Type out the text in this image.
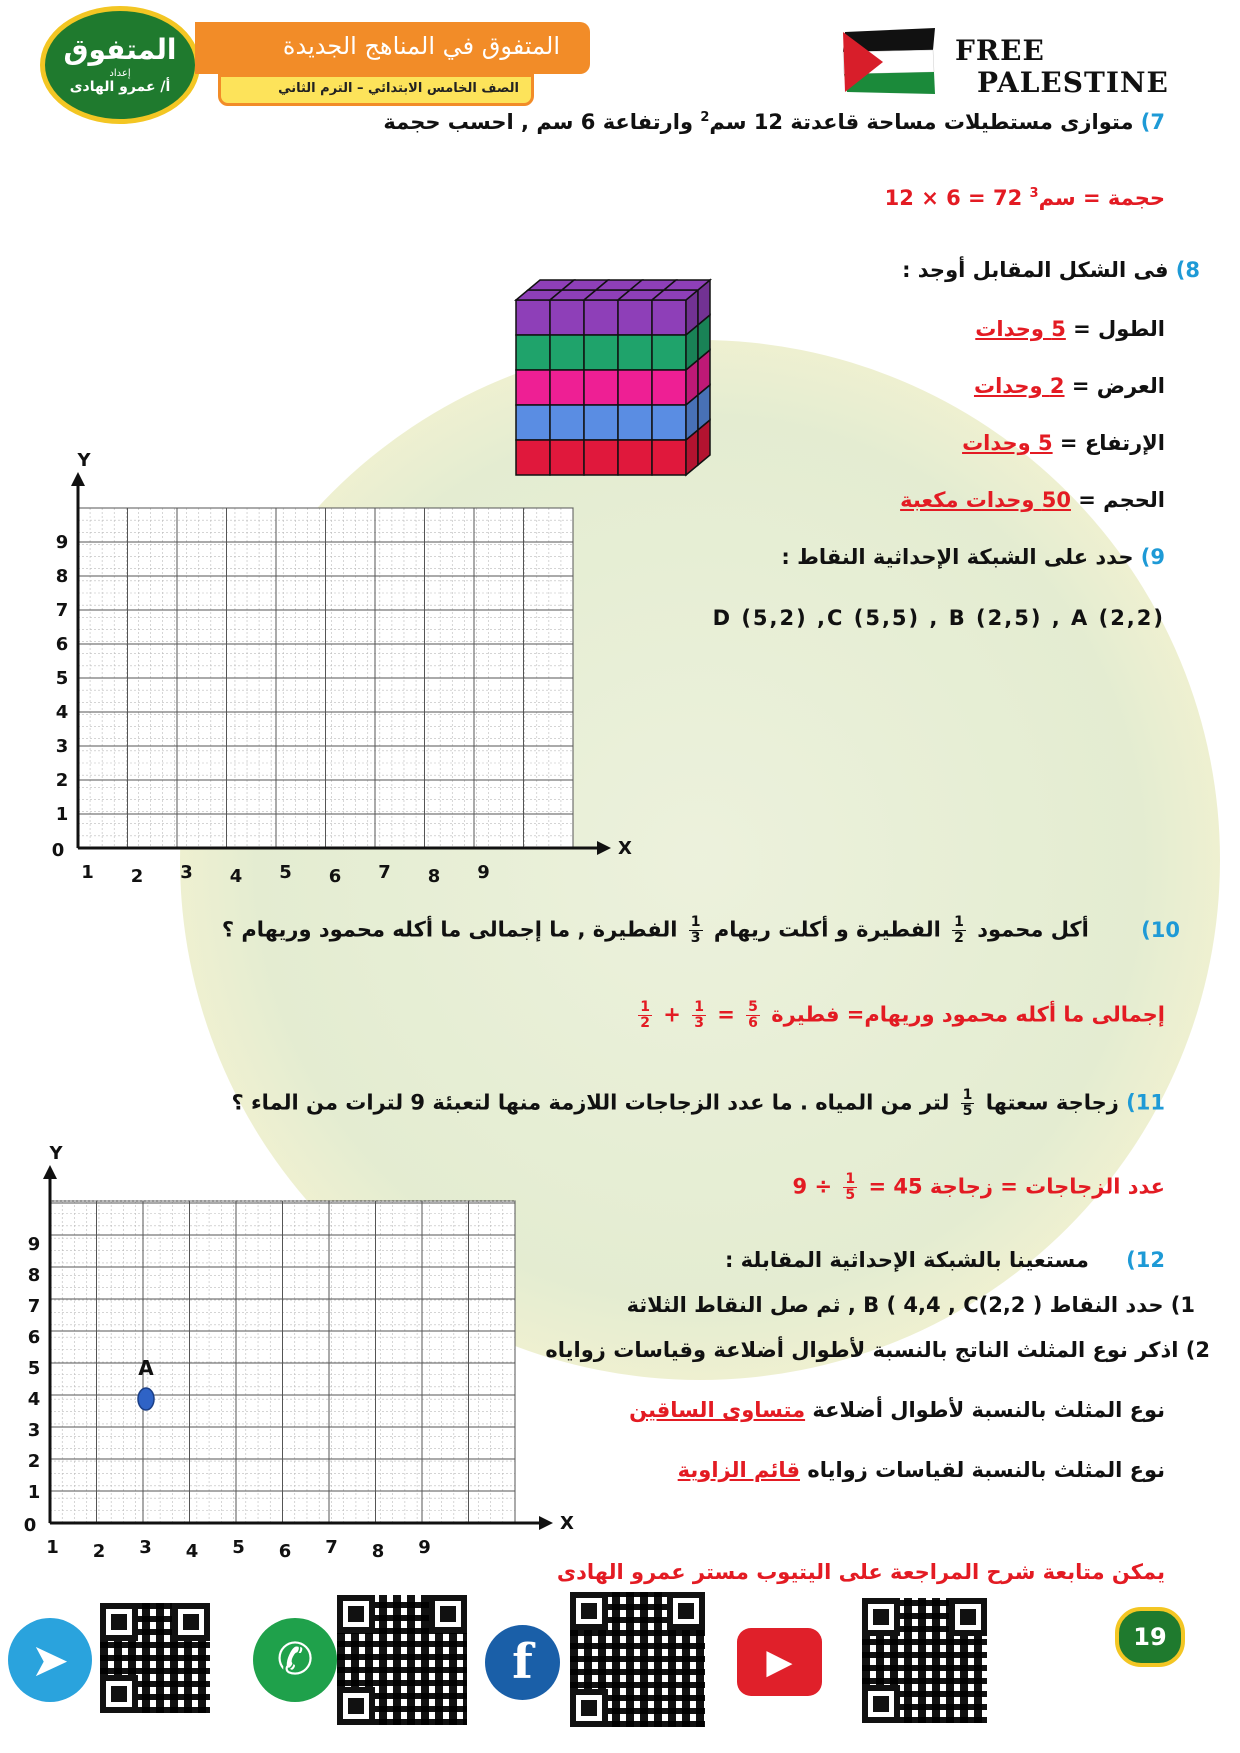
المتفوق
إعداد
أ/ عمرو الهادى
المتفوق في المناهج الجديدة
الصف الخامس الابتدائي – الترم الثاني
FREE
PALESTINE
7) متوازى مستطيلات مساحة قاعدتة 12 سم$^2$ وارتفاعة 6 سم , احسب حجمة
حجمة = سم$^3$ 72 = 6 × 12
8) فى الشكل المقابل أوجد :
الطول = 5 وحدات
العرض = 2 وحدات
الإرتفاع = 5 وحدات
الحجم = 50 وحدات مكعبة
9) حدد على الشبكة الإحداثية النقاط :
D (5,2) ,C (5,5) , B (2,5) , A (2,2)
X
Y
0
1 2 3 4 5 6 7 8 9
1
2
3
4
5
6
7
8
9
10) أكل محمود
$\frac{1}{2}$
الفطيرة و أكلت ريهام
$\frac{1}{3}$
الفطيرة , ما إجمالى ما أكله محمود وريهام ؟
إجمالى ما أكله محمود وريهام= فطيرة
$\frac{5}{6}$
=
$\frac{1}{3}$
+
$\frac{1}{2}$
11) زجاجة سعتها
$\frac{1}{5}$
لتر من المياه . ما عدد الزجاجات اللازمة منها لتعبئة 9 لترات من الماء ؟
عدد الزجاجات = زجاجة 45 =
$\frac{1}{5}$
÷ 9
X
Y
0
1 2 3 4 5 6 7 8 9
1
2
3
4
5
6
7
8
9
A
12) مستعينا بالشبكة الإحداثية المقابلة :
1) حدد النقاط ( B ( 4,4 , C(2,2 , ثم صل النقاط الثلاثة
2) اذكر نوع المثلث الناتج بالنسبة لأطوال أضلاعة وقياسات زواياه
نوع المثلث بالنسبة لأطوال أضلاعة متساوى الساقين
نوع المثلث بالنسبة لقياسات زواياه قائم الزاوية
يمكن متابعة شرح المراجعة على اليتيوب مستر عمرو الهادى
➤	✆	f	▶
19
